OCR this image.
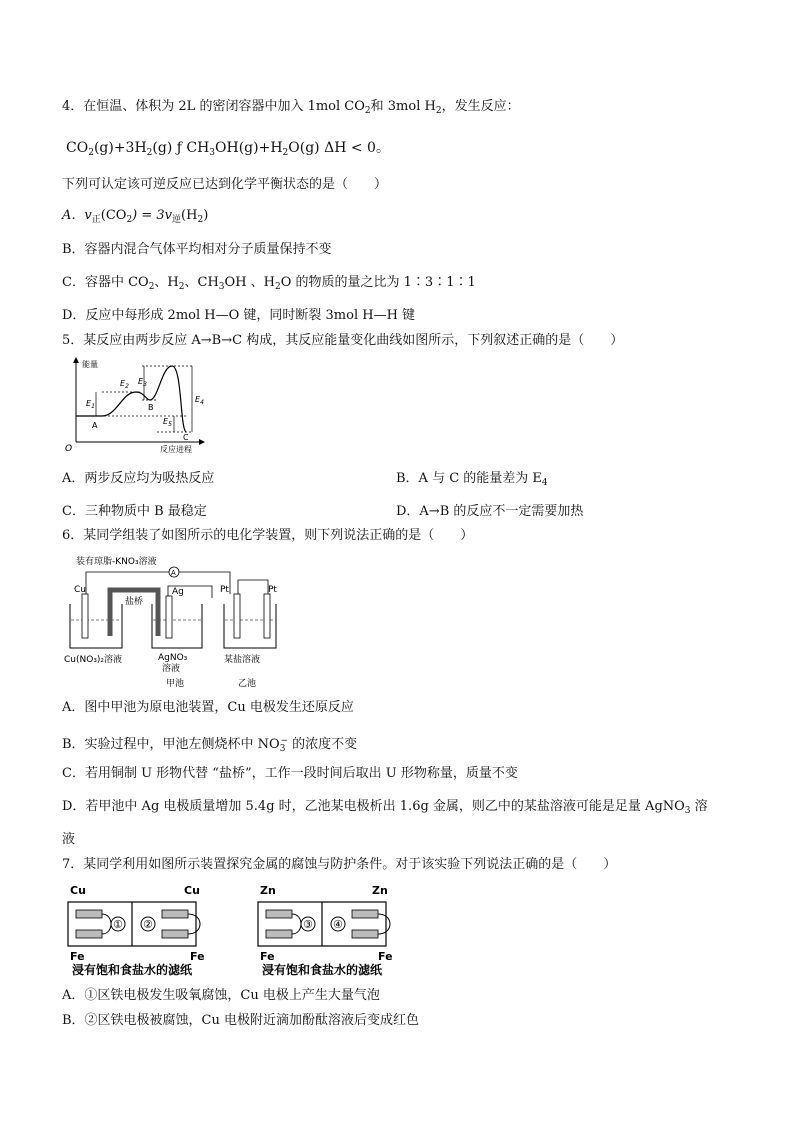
4．在恒温、体积为 2L 的密闭容器中加入 1mol $CO_2$和 3mol $H_2$，发生反应：
$CO_2(g)+3H_2(g)$ ƒ $CH_3OH(g)+H_2O(g) \Delta H < 0$。
下列可认定该可逆反应已达到化学平衡状态的是（　　）
A．$v_正(CO_2) = 3v_逆(H_2)$
B．容器内混合气体平均相对分子质量保持不变
C．容器中 $CO_2$、$H_2$、$CH_3OH$ 、$H_2O$ 的物质的量之比为 1∶3∶1∶1
D．反应中每形成 2mol H—O 键，同时断裂 3mol H—H 键
5．某反应由两步反应 A→B→C 构成，其反应能量变化曲线如图所示，下列叙述正确的是（　　）
能量
反应进程
O
$E_1$
$E_2$
$E_3$
$E_4$
$E_5$
A
B
C
A．两步反应均为吸热反应	B．A 与 C 的能量差为 $E_4$
C．三种物质中 B 最稳定	D．A→B 的反应不一定需要加热
6．某同学组装了如图所示的电化学装置，则下列说法正确的是（　　）
装有琼脂-KNO₃溶液
A
Cu	Ag	Pt	Pt
盐桥
Cu(NO₃)₂溶液	AgNO₃
溶液
某盐溶液
甲池	乙池
A．图中甲池为原电池装置，Cu 电极发生还原反应
B．实验过程中，甲池左侧烧杯中 $NO_3^-$ 的浓度不变
C．若用铜制 U 形物代替 “盐桥”，工作一段时间后取出 U 形物称量，质量不变
D．若甲池中 Ag 电极质量增加 5.4g 时，乙池某电极析出 1.6g 金属，则乙中的某盐溶液可能是足量 AgNO$_3$ 溶
液
7．某同学利用如图所示装置探究金属的腐蚀与防护条件。对于该实验下列说法正确的是（　　）
① ②
Cu	Cu
Fe	Fe
浸有饱和食盐水的滤纸
③ ④
Zn	Zn
Fe	Fe
浸有饱和食盐水的滤纸
A．①区铁电极发生吸氧腐蚀，Cu 电极上产生大量气泡
B．②区铁电极被腐蚀，Cu 电极附近滴加酚酞溶液后变成红色
